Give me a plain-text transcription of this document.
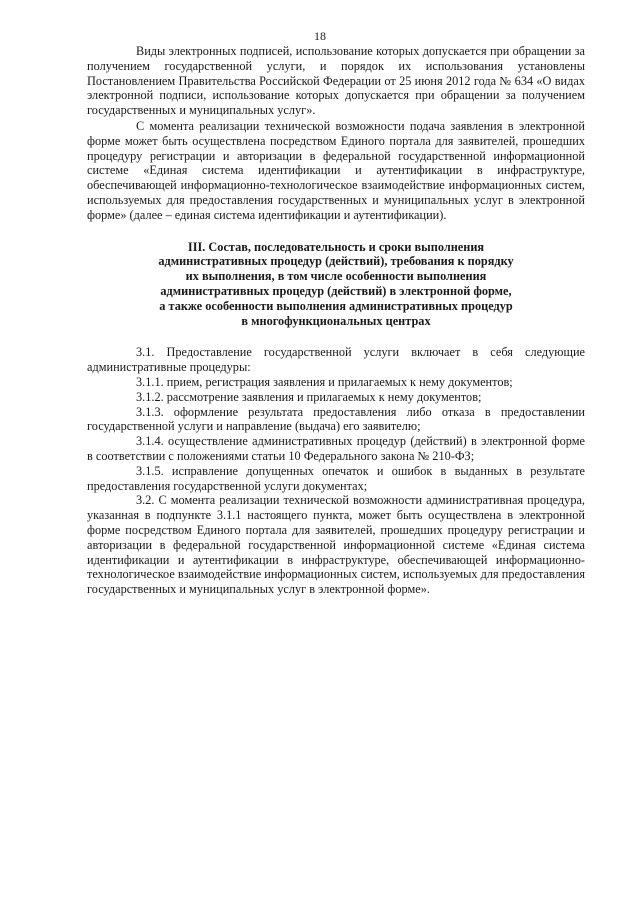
18

Виды электронных подписей, использование которых допускается при обращении за получением государственной услуги, и порядок их использования установлены Постановлением Правительства Российской Федерации от 25 июня 2012 года № 634 «О видах электронной подписи, использование которых допускается при обращении за получением государственных и муниципальных услуг».

С момента реализации технической возможности подача заявления в электронной форме может быть осуществлена посредством Единого портала для заявителей, прошедших процедуру регистрации и авторизации в федеральной государственной информационной системе «Единая система идентификации и аутентификации в инфраструктуре, обеспечивающей информационно-технологическое взаимодействие информационных систем, используемых для предоставления государственных и муниципальных услуг в электронной форме» (далее – единая система идентификации и аутентификации).

III. Состав, последовательность и сроки выполнения
административных процедур (действий), требования к порядку
их выполнения, в том числе особенности выполнения
административных процедур (действий) в электронной форме,
а также особенности выполнения административных процедур
в многофункциональных центрах

3.1. Предоставление государственной услуги включает в себя следующие административные процедуры:

3.1.1. прием, регистрация заявления и прилагаемых к нему документов;

3.1.2. рассмотрение заявления и прилагаемых к нему документов;

3.1.3. оформление результата предоставления либо отказа в предоставлении государственной услуги и направление (выдача) его заявителю;

3.1.4. осуществление административных процедур (действий) в электронной форме в соответствии с положениями статьи 10 Федерального закона № 210-ФЗ;

3.1.5. исправление допущенных опечаток и ошибок в выданных в результате предоставления государственной услуги документах;

3.2. С момента реализации технической возможности административная процедура, указанная в подпункте 3.1.1 настоящего пункта, может быть осуществлена в электронной форме посредством Единого портала для заявителей, прошедших процедуру регистрации и авторизации в федеральной государственной информационной системе «Единая система идентификации и аутентификации в инфраструктуре, обеспечивающей информационно-технологическое взаимодействие информационных систем, используемых для предоставления государственных и муниципальных услуг в электронной форме».
